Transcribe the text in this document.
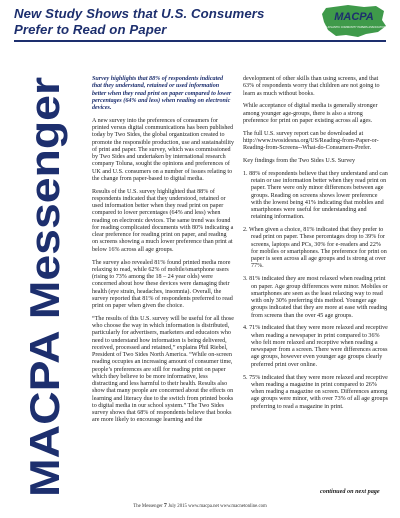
New Study Shows that U.S. Consumers
Prefer to Read on Paper
MACPA
MID-ATLANTIC COMMUNITY PAPERS ASSOCIATION
MACPA Messenger

Survey highlights that 88% of respondents indicated that they understand, retained or used information better when they read print on paper compared to lower percentages (64% and less) when reading on electronic devices.

A new survey into the preferences of consumers for printed versus digital communications has been published today by Two Sides, the global organization created to promote the responsible production, use and sustainability of print and paper. The survey, which was commissioned by Two Sides and undertaken by international research company Toluna, sought the opinions and preferences of UK and U.S. consumers on a number of issues relating to the change from paper-based to digital media.

Results of the U.S. survey highlighted that 88% of respondents indicated that they understood, retained or used information better when they read print on paper compared to lower percentages (64% and less) when reading on electronic devices. The same trend was found for reading complicated documents with 80% indicating a clear preference for reading print on paper, and reading on screens showing a much lower preference than print at below 16% across all age groups.

The survey also revealed 81% found printed media more relaxing to read, while 62% of mobile/smartphone users (rising to 73% among the 18 – 24 year olds) were concerned about how these devices were damaging their health (eye strain, headaches, insomnia). Overall, the survey reported that 81% of respondents preferred to read print on paper when given the choice.

“The results of this U.S. survey will be useful for all those who choose the way in which information is distributed, particularly for advertisers, marketers and educators who need to understand how information is being delivered, received, processed and retained,” explains Phil Riebel, President of Two Sides North America. “While on-screen reading occupies an increasing amount of consumer time, people’s preferences are still for reading print on paper which they believe to be more informative, less distracting and less harmful to their health. Results also show that many people are concerned about the effects on learning and literacy due to the switch from printed books to digital media in our school system.” The Two Sides survey shows that 68% of respondents believe that books are more likely to encourage learning and the

development of other skills than using screens, and that 63% of respondents worry that children are not going to learn as much without books.

While acceptance of digital media is generally stronger among younger age-groups, there is also a strong preference for print on paper existing across all ages.

The full U.S. survey report can be downloaded at http://www.twosidesna.org/US/Reading-from-Paper-or-Reading-from-Screens--What-do-Consumers-Prefer.

Key findings from the Two Sides U.S. Survey

1. 88% of respondents believe that they understand and can retain or use information better when they read print on paper. There were only minor differences between age groups. Reading on screens shows lower preference with the lowest being 41% indicating that mobiles and smartphones were useful for understanding and retaining information.
2. When given a choice, 81% indicated that they prefer to read print on paper. These percentages drop to 39% for screens, laptops and PCs, 30% for e-readers and 22% for mobiles or smartphones. The preference for print on paper is seen across all age groups and is strong at over 77%.
3. 81% indicated they are most relaxed when reading print on paper. Age group differences were minor. Mobiles or smartphones are seen as the least relaxing way to read with only 30% preferring this method. Younger age groups indicated that they are more at ease with reading from screens than the over 45 age groups.
4. 71% indicated that they were more relaxed and receptive when reading a newspaper in print compared to 36% who felt more relaxed and receptive when reading a newspaper from a screen. There were differences across age groups, however even younger age groups clearly preferred print over online.
5. 75% indicated that they were more relaxed and receptive when reading a magazine in print compared to 26% when reading a magazine on screen. Differences among age groups were minor, with over 73% of all age groups preferring to read a magazine in print.
continued on next page
The Messenger 7 July 2015 www.macpa.net www.macnetonline.com
